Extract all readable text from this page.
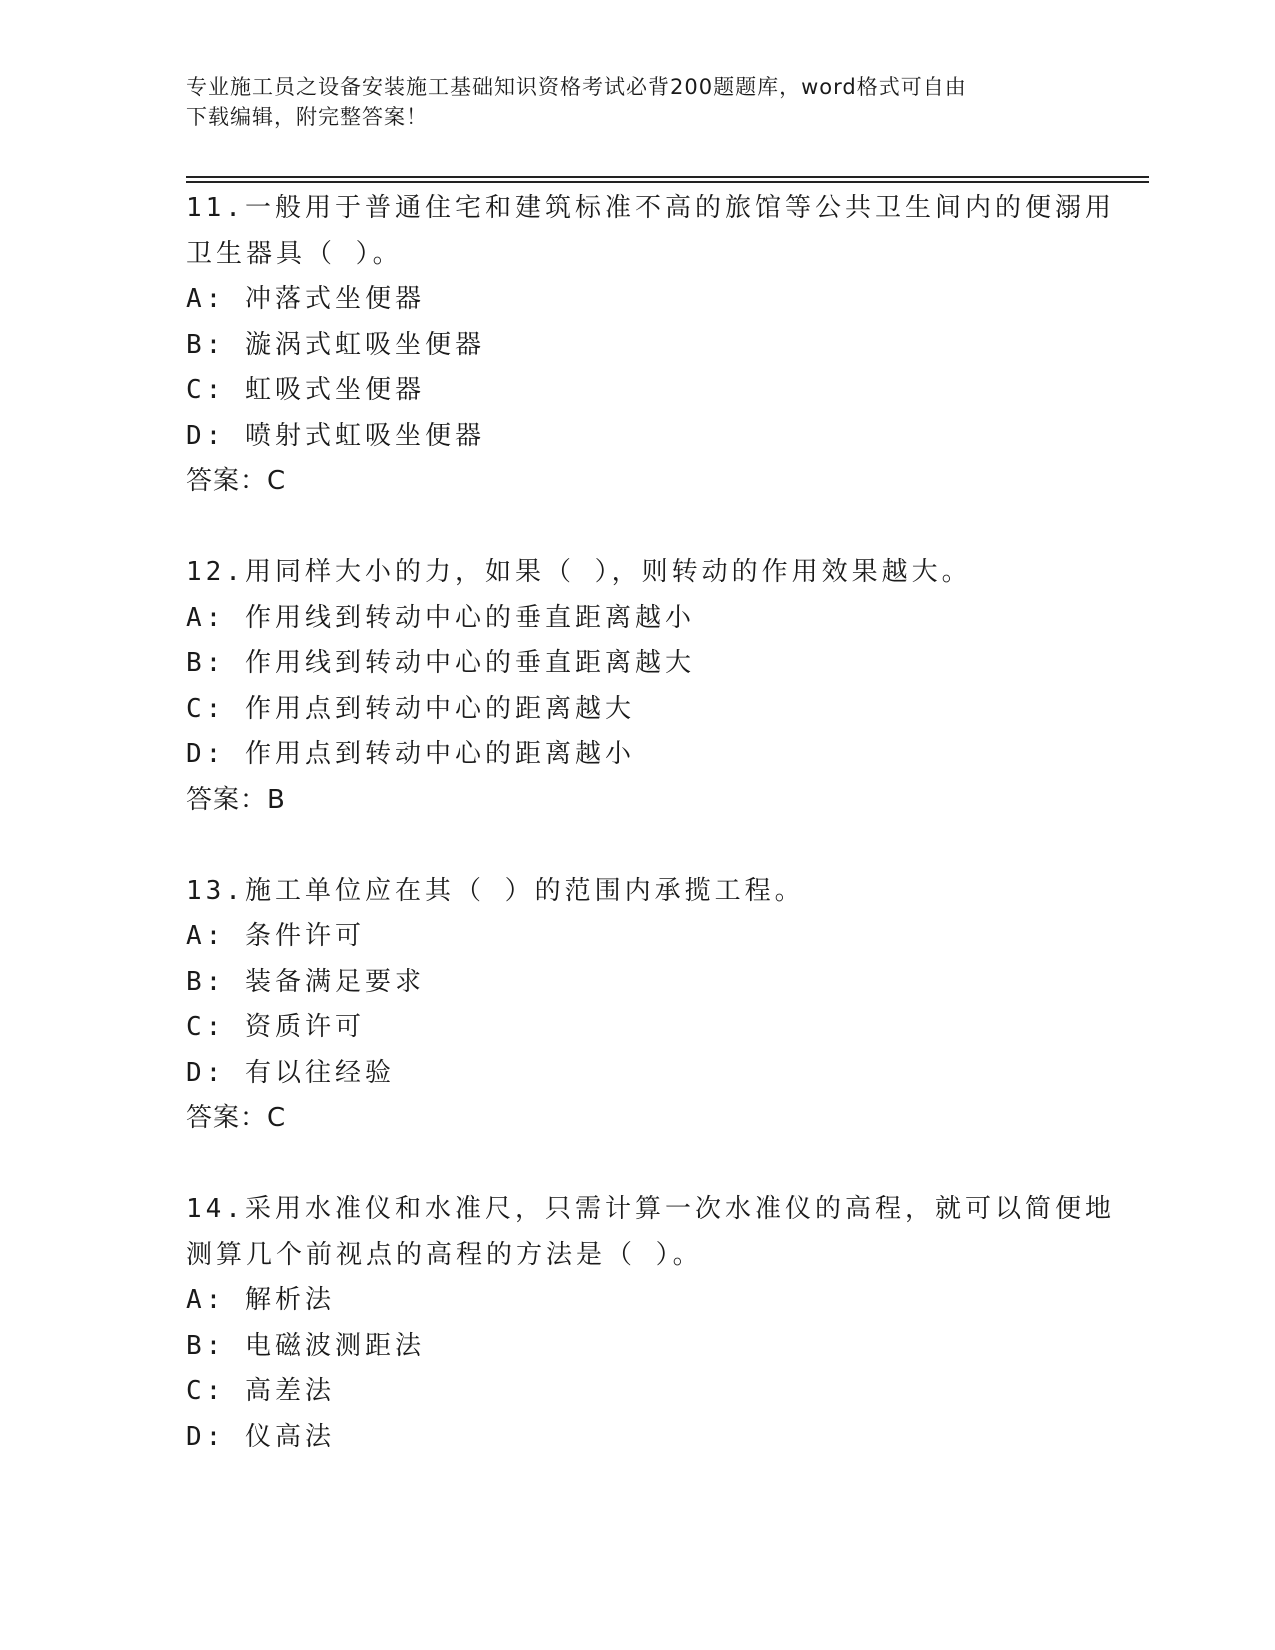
专业施工员之设备安装施工基础知识资格考试必背200题题库，word格式可自由
下载编辑，附完整答案！
11.一般用于普通住宅和建筑标准不高的旅馆等公共卫生间内的便溺用
卫生器具（ ）。
A: 冲落式坐便器
B: 漩涡式虹吸坐便器
C: 虹吸式坐便器
D: 喷射式虹吸坐便器
答案：C
12.用同样大小的力，如果（ ），则转动的作用效果越大。
A: 作用线到转动中心的垂直距离越小
B: 作用线到转动中心的垂直距离越大
C: 作用点到转动中心的距离越大
D: 作用点到转动中心的距离越小
答案：B
13.施工单位应在其（ ）的范围内承揽工程。
A: 条件许可
B: 装备满足要求
C: 资质许可
D: 有以往经验
答案：C
14.采用水准仪和水准尺，只需计算一次水准仪的高程，就可以简便地
测算几个前视点的高程的方法是（ ）。
A: 解析法
B: 电磁波测距法
C: 高差法
D: 仪高法
